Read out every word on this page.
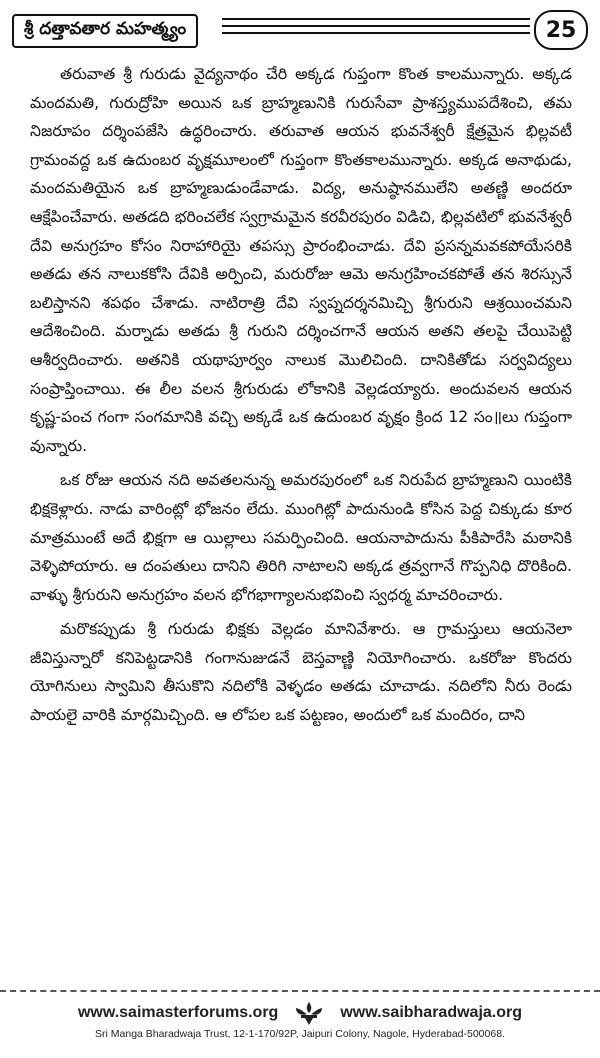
శ్రీ దత్తావతార మహత్మ్యం	25

తరువాత శ్రీ గురుడు వైద్యనాథం చేరి అక్కడ గుప్తంగా కొంత కాలమున్నారు. అక్కడ మందమతి, గురుద్రోహి అయిన ఒక బ్రాహ్మణునికి గురుసేవా ప్రాశస్త్యముపదేశించి, తమ నిజరూపం దర్శింపజేసి ఉద్ధరించారు. తరువాత ఆయన భువనేశ్వరీ క్షేత్రమైన భిల్లవటీ గ్రామంవద్ద ఒక ఉదుంబర వృక్షమూలంలో గుప్తంగా కొంతకాలమున్నారు. అక్కడ అనాథుడు, మందమతియైన ఒక బ్రాహ్మణుడుండేవాడు. విద్య, అనుష్ఠానములేని అతణ్ణి అందరూ ఆక్షేపించేవారు. అతడది భరించలేక స్వగ్రామమైన కరవీరపురం విడిచి, భిల్లవటిలో భువనేశ్వరీ దేవి అనుగ్రహం కోసం నిరాహారియై తపస్సు ప్రారంభించాడు. దేవి ప్రసన్నమవకపోయేసరికి అతడు తన నాలుకకోసి దేవికి అర్పించి, మరురోజు ఆమె అనుగ్రహించకపోతే తన శిరస్సునే బలిస్తానని శపథం చేశాడు. నాటిరాత్రి దేవి స్వప్నదర్శనమిచ్చి శ్రీగురుని ఆశ్రయించమని ఆదేశించింది. మర్నాడు అతడు శ్రీ గురుని దర్శించగానే ఆయన అతని తలపై చేయిపెట్టి ఆశీర్వదించారు. అతనికి యథాపూర్వం నాలుక మొలిచింది. దానికితోడు సర్వవిద్యలు సంప్రాప్తించాయి. ఈ లీల వలన శ్రీగురుడు లోకానికి వెల్లడయ్యారు. అందువలన ఆయన కృష్ణ-పంచ గంగా సంగమానికి వచ్చి అక్కడే ఒక ఉదుంబర వృక్షం క్రింద 12 సం॥లు గుప్తంగా వున్నారు.

ఒక రోజు ఆయన నది అవతలనున్న అమరపురంలో ఒక నిరుపేద బ్రాహ్మణుని యింటికి భిక్షకెళ్లారు. నాడు వారింట్లో భోజనం లేదు. ముంగిట్లో పాదునుండి కోసిన పెద్ద చిక్కుడు కూర మాత్రముంటే అదే భిక్షగా ఆ యిల్లాలు సమర్పించింది. ఆయనాపాదును పీకిపారేసి మఠానికి వెళ్ళిపోయారు. ఆ దంపతులు దానిని తిరిగి నాటాలని అక్కడ త్రవ్వగానే గొప్పనిధి దొరికింది. వాళ్ళు శ్రీగురుని అనుగ్రహం వలన భోగభాగ్యాలనుభవించి స్వధర్మ మాచరించారు.

మరొకప్పుడు శ్రీ గురుడు భిక్షకు వెల్లడం మానివేశారు. ఆ గ్రామస్తులు ఆయనెలా జీవిస్తున్నారో కనిపెట్టడానికి గంగానుజుడనే బెస్తవాణ్ణి నియోగించారు. ఒకరోజు కొందరు యోగినులు స్వామిని తీసుకొని నదిలోకి వెళ్ళడం అతడు చూచాడు. నదిలోని నీరు రెండు పాయలై వారికి మార్గమిచ్చింది. ఆ లోపల ఒక పట్టణం, అందులో ఒక మందిరం, దాని

www.saimasterforums.org	www.saibharadwaja.org
Sri Manga Bharadwaja Trust, 12-1-170/92P, Jaipuri Colony, Nagole, Hyderabad-500068.
